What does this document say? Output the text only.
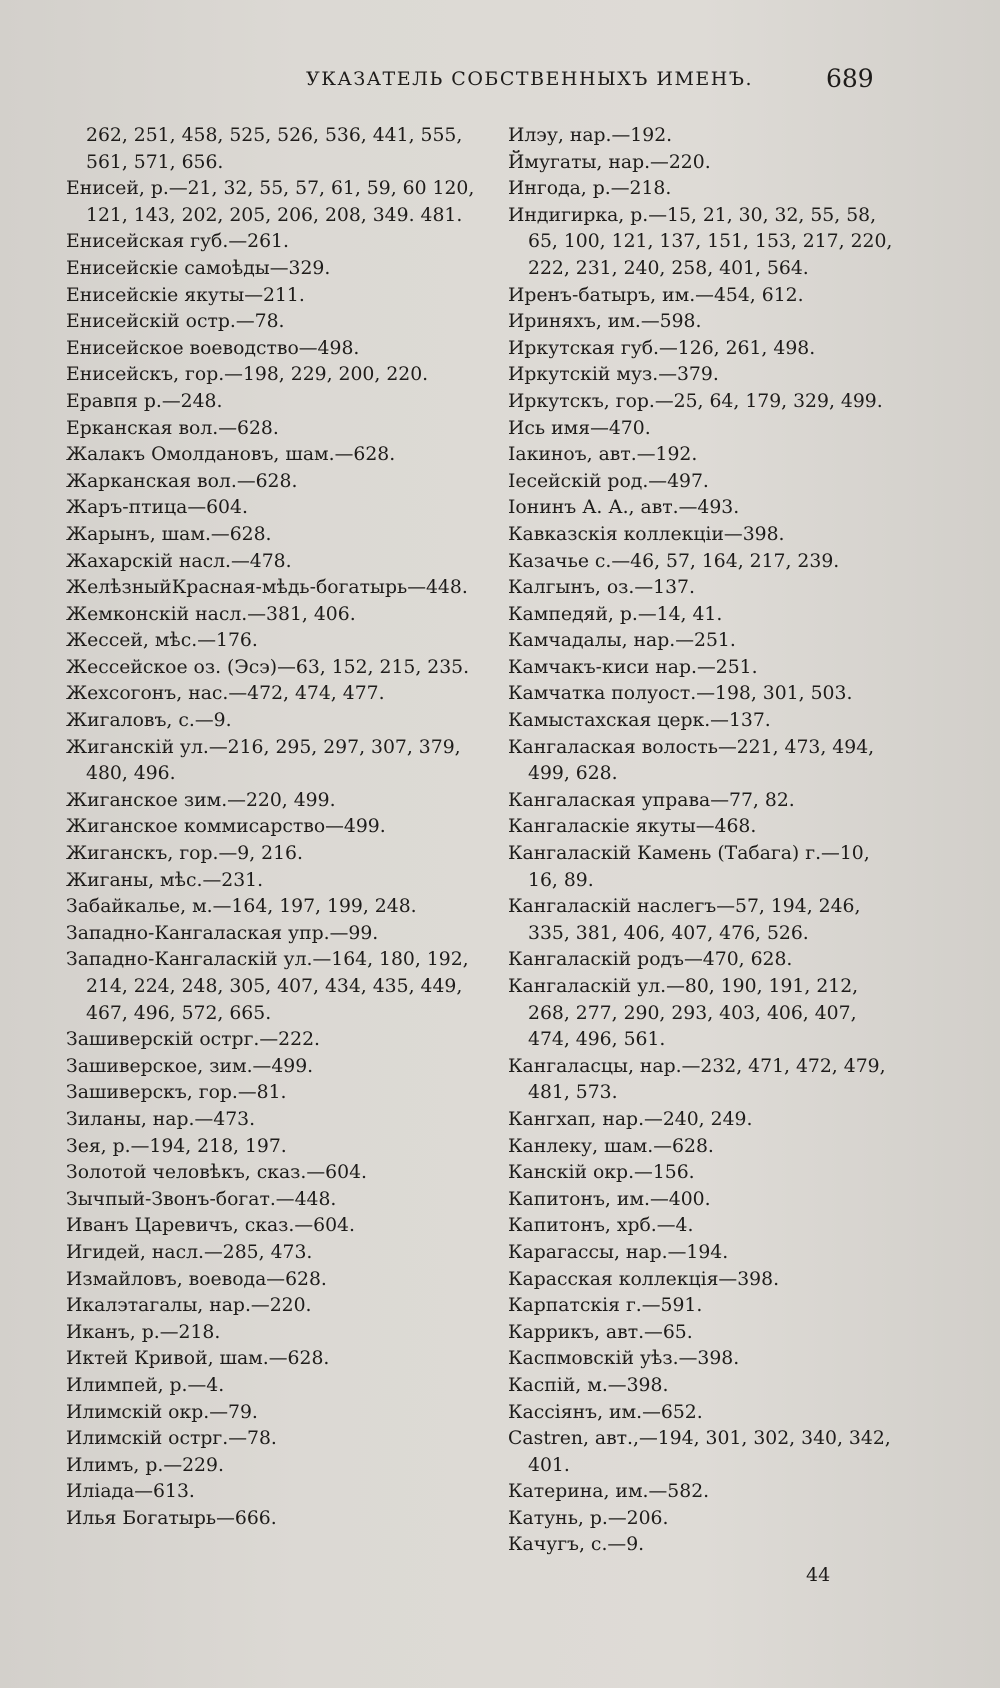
УКАЗАТЕЛЬ СОБСТВЕННЫХЪ ИМЕНЪ.	689

262, 251, 458, 525, 526, 536, 441, 555, 561, 571, 656.

Енисей, р.—21, 32, 55, 57, 61, 59, 60 120, 121, 143, 202, 205, 206, 208, 349. 481.

Енисейская губ.—261.

Енисейскіе самоѣды—329.

Енисейскіе якуты—211.

Енисейскій остр.—78.

Енисейское воеводство—498.

Енисейскъ, гор.—198, 229, 200, 220.

Еравпя р.—248.

Ерканская вол.—628.

Жалакъ Омолдановъ, шам.—628.

Жарканская вол.—628.

Жаръ-птица—604.

Жарынъ, шам.—628.

Жахарскій насл.—478.

ЖелѣзныйКрасная-мѣдь-богатырь—448.

Жемконскій насл.—381, 406.

Жессей, мѣс.—176.

Жессейское оз. (Эсэ)—63, 152, 215, 235.

Жехсогонъ, нас.—472, 474, 477.

Жигаловъ, с.—9.

Жиганскій ул.—216, 295, 297, 307, 379, 480, 496.

Жиганское зим.—220, 499.

Жиганское коммисарство—499.

Жиганскъ, гор.—9, 216.

Жиганы, мѣс.—231.

Забайкалье, м.—164, 197, 199, 248.

Западно-Кангалаская упр.—99.

Западно-Кангаласкій ул.—164, 180, 192, 214, 224, 248, 305, 407, 434, 435, 449, 467, 496, 572, 665.

Зашиверскій острг.—222.

Зашиверское, зим.—499.

Зашиверскъ, гор.—81.

Зиланы, нар.—473.

Зея, р.—194, 218, 197.

Золотой человѣкъ, сказ.—604.

Зычпый-Звонъ-богат.—448.

Иванъ Царевичъ, сказ.—604.

Игидей, насл.—285, 473.

Измайловъ, воевода—628.

Икалэтагалы, нар.—220.

Иканъ, р.—218.

Иктей Кривой, шам.—628.

Илимпей, р.—4.

Илимскій окр.—79.

Илимскій острг.—78.

Илимъ, р.—229.

Иліада—613.

Илья Богатырь—666.

Илэу, нар.—192.

Ймугаты, нар.—220.

Ингода, р.—218.

Индигирка, р.—15, 21, 30, 32, 55, 58, 65, 100, 121, 137, 151, 153, 217, 220, 222, 231, 240, 258, 401, 564.

Иренъ-батыръ, им.—454, 612.

Ириняхъ, им.—598.

Иркутская губ.—126, 261, 498.

Иркутскій муз.—379.

Иркутскъ, гор.—25, 64, 179, 329, 499.

Ись имя—470.

Іакиноъ, авт.—192.

Іесейскій род.—497.

Іонинъ А. А., авт.—493.

Кавказскія коллекціи—398.

Казачье с.—46, 57, 164, 217, 239.

Калгынъ, оз.—137.

Кампедяй, р.—14, 41.

Камчадалы, нар.—251.

Камчакъ-киси нар.—251.

Камчатка полуост.—198, 301, 503.

Камыстахская церк.—137.

Кангалаская волость—221, 473, 494, 499, 628.

Кангалаская управа—77, 82.

Кангаласкіе якуты—468.

Кангаласкій Камень (Табага) г.—10, 16, 89.

Кангаласкій наслегъ—57, 194, 246, 335, 381, 406, 407, 476, 526.

Кангаласкій родъ—470, 628.

Кангаласкій ул.—80, 190, 191, 212, 268, 277, 290, 293, 403, 406, 407, 474, 496, 561.

Кангаласцы, нар.—232, 471, 472, 479, 481, 573.

Кангхап, нар.—240, 249.

Канлеку, шам.—628.

Канскій окр.—156.

Капитонъ, им.—400.

Капитонъ, хрб.—4.

Карагассы, нар.—194.

Карасская коллекція—398.

Карпатскія г.—591.

Каррикъ, авт.—65.

Каспмовскій уѣз.—398.

Каспій, м.—398.

Кассіянъ, им.—652.

Castren, авт.,—194, 301, 302, 340, 342, 401.

Катерина, им.—582.

Катунь, р.—206.

Качугъ, с.—9.

44
